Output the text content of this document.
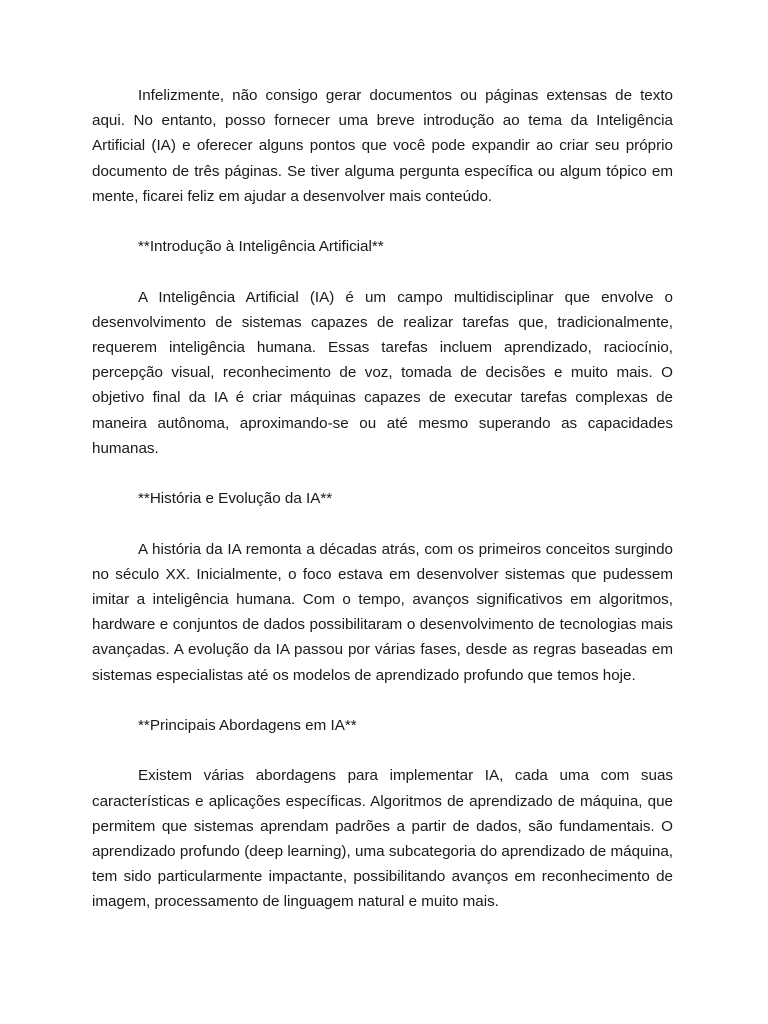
Infelizmente, não consigo gerar documentos ou páginas extensas de texto aqui. No entanto, posso fornecer uma breve introdução ao tema da Inteligência Artificial (IA) e oferecer alguns pontos que você pode expandir ao criar seu próprio documento de três páginas. Se tiver alguma pergunta específica ou algum tópico em mente, ficarei feliz em ajudar a desenvolver mais conteúdo.

**Introdução à Inteligência Artificial**

A Inteligência Artificial (IA) é um campo multidisciplinar que envolve o desenvolvimento de sistemas capazes de realizar tarefas que, tradicionalmente, requerem inteligência humana. Essas tarefas incluem aprendizado, raciocínio, percepção visual, reconhecimento de voz, tomada de decisões e muito mais. O objetivo final da IA é criar máquinas capazes de executar tarefas complexas de maneira autônoma, aproximando-se ou até mesmo superando as capacidades humanas.

**História e Evolução da IA**

A história da IA remonta a décadas atrás, com os primeiros conceitos surgindo no século XX. Inicialmente, o foco estava em desenvolver sistemas que pudessem imitar a inteligência humana. Com o tempo, avanços significativos em algoritmos, hardware e conjuntos de dados possibilitaram o desenvolvimento de tecnologias mais avançadas. A evolução da IA passou por várias fases, desde as regras baseadas em sistemas especialistas até os modelos de aprendizado profundo que temos hoje.

**Principais Abordagens em IA**

Existem várias abordagens para implementar IA, cada uma com suas características e aplicações específicas. Algoritmos de aprendizado de máquina, que permitem que sistemas aprendam padrões a partir de dados, são fundamentais. O aprendizado profundo (deep learning), uma subcategoria do aprendizado de máquina, tem sido particularmente impactante, possibilitando avanços em reconhecimento de imagem, processamento de linguagem natural e muito mais.
